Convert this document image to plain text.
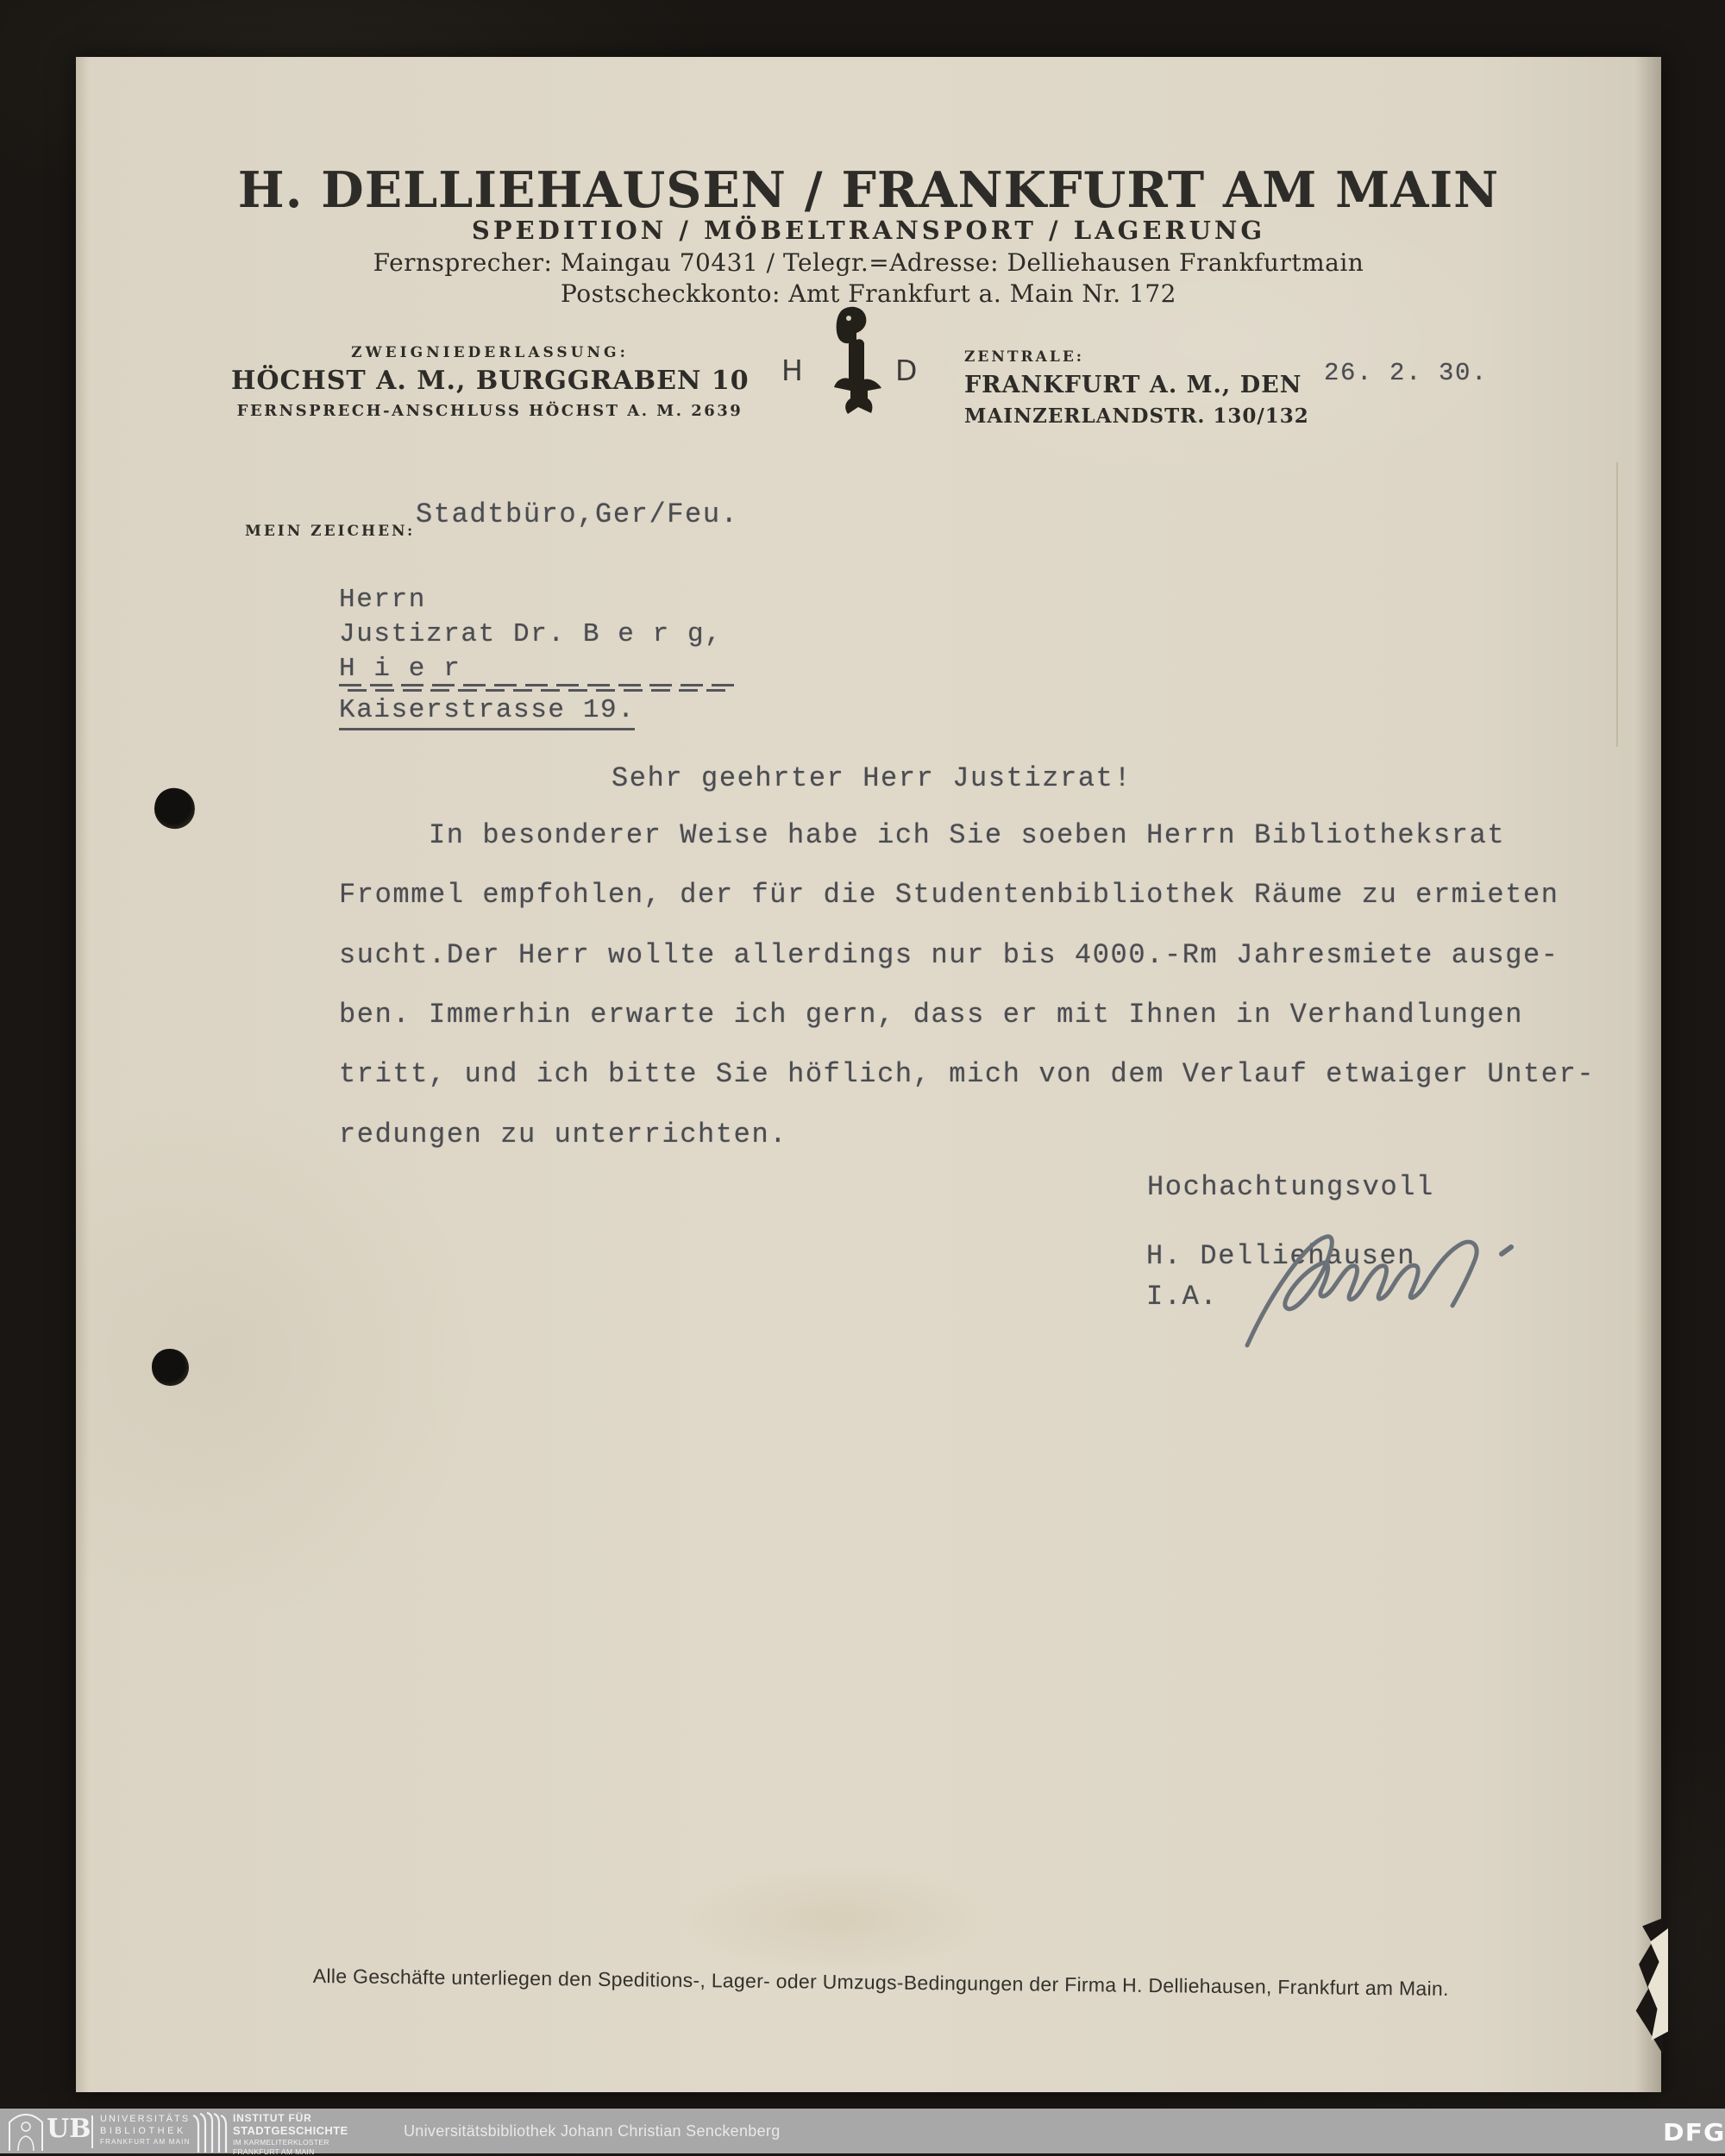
H. DELLIEHAUSEN / FRANKFURT AM MAIN
SPEDITION / MÖBELTRANSPORT / LAGERUNG
Fernsprecher: Maingau 70431 / Telegr.=Adresse: Delliehausen Frankfurtmain
Postscheckkonto: Amt Frankfurt a. Main Nr. 172
ZWEIGNIEDERLASSUNG:
HÖCHST A. M., BURGGRABEN 10
FERNSPRECH-ANSCHLUSS HÖCHST A. M. 2639
H	D	ZENTRALE:
FRANKFURT A. M., DEN
MAINZERLANDSTR. 130/132
26. 2. 30.
MEIN ZEICHEN:
Stadtbüro,Ger/Feu.
Herrn
Justizrat Dr. B e r g,
H i e r
Kaiserstrasse 19.
Sehr geehrter Herr Justizrat!
In besonderer Weise habe ich Sie soeben Herrn Bibliotheksrat
Frommel empfohlen, der für die Studentenbibliothek Räume zu ermieten
sucht.Der Herr wollte allerdings nur bis 4000.-Rm Jahresmiete ausge-
ben. Immerhin erwarte ich gern, dass er mit Ihnen in Verhandlungen
tritt, und ich bitte Sie höflich, mich von dem Verlauf etwaiger Unter-
redungen zu unterrichten.
Hochachtungsvoll
H. Delliehausen
I.A.
Alle Geschäfte unterliegen den Speditions-, Lager- oder Umzugs-Bedingungen der Firma H. Delliehausen, Frankfurt am Main.
UB UNIVERSITÄTS
BIBLIOTHEK
FRANKFURT AM MAIN
INSTITUT FÜR
STADTGESCHICHTE
IM KARMELITERKLOSTER
FRANKFURT AM MAIN
Universitätsbibliothek Johann Christian Senckenberg	DFG
